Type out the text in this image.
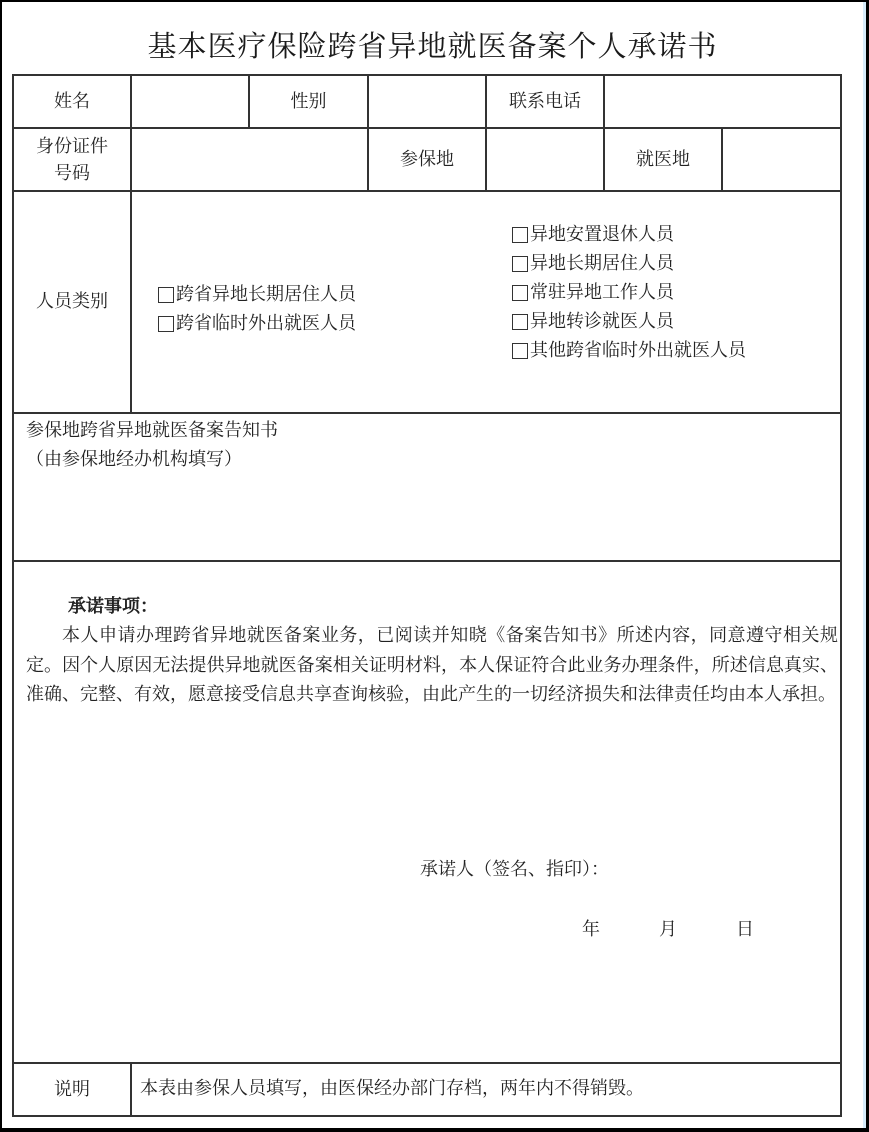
基本医疗保险跨省异地就医备案个人承诺书
姓名	性别	联系电话
身份证件
号码
参保地	就医地
人员类别	跨省异地长期居住人员
跨省临时外出就医人员
异地安置退休人员
异地长期居住人员
常驻异地工作人员
异地转诊就医人员
其他跨省临时外出就医人员
参保地跨省异地就医备案告知书
（由参保地经办机构填写）
承诺事项：
本人申请办理跨省异地就医备案业务，已阅读并知晓《备案告知书》所述内容，同意遵守相关规定。因个人原因无法提供异地就医备案相关证明材料，本人保证符合此业务办理条件，所述信息真实、准确、完整、有效，愿意接受信息共享查询核验，由此产生的一切经济损失和法律责任均由本人承担。
承诺人（签名、指印）：
年	月	日
说明	本表由参保人员填写，由医保经办部门存档，两年内不得销毁。
